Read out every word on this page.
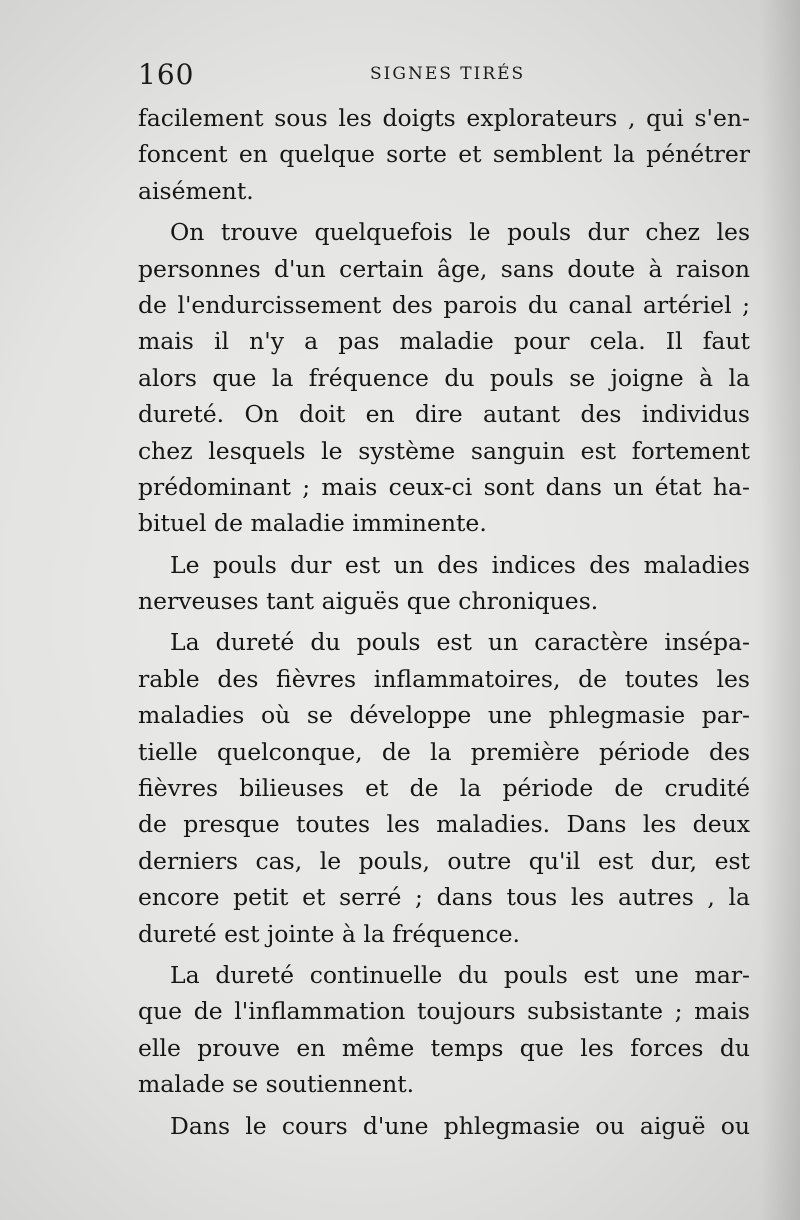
160	SIGNES TIRÉS
facilement sous les doigts explorateurs , qui s'en-
foncent en quelque sorte et semblent la pénétrer
aisément.
On trouve quelquefois le pouls dur chez les
personnes d'un certain âge, sans doute à raison
de l'endurcissement des parois du canal artériel ;
mais il n'y a pas maladie pour cela. Il faut
alors que la fréquence du pouls se joigne à la
dureté. On doit en dire autant des individus
chez lesquels le système sanguin est fortement
prédominant ; mais ceux-ci sont dans un état ha-
bituel de maladie imminente.
Le pouls dur est un des indices des maladies
nerveuses tant aiguës que chroniques.
La dureté du pouls est un caractère insépa-
rable des fièvres inflammatoires, de toutes les
maladies où se développe une phlegmasie par-
tielle quelconque, de la première période des
fièvres bilieuses et de la période de crudité
de presque toutes les maladies. Dans les deux
derniers cas, le pouls, outre qu'il est dur, est
encore petit et serré ; dans tous les autres , la
dureté est jointe à la fréquence.
La dureté continuelle du pouls est une mar-
que de l'inflammation toujours subsistante ; mais
elle prouve en même temps que les forces du
malade se soutiennent.
Dans le cours d'une phlegmasie ou aiguë ou
